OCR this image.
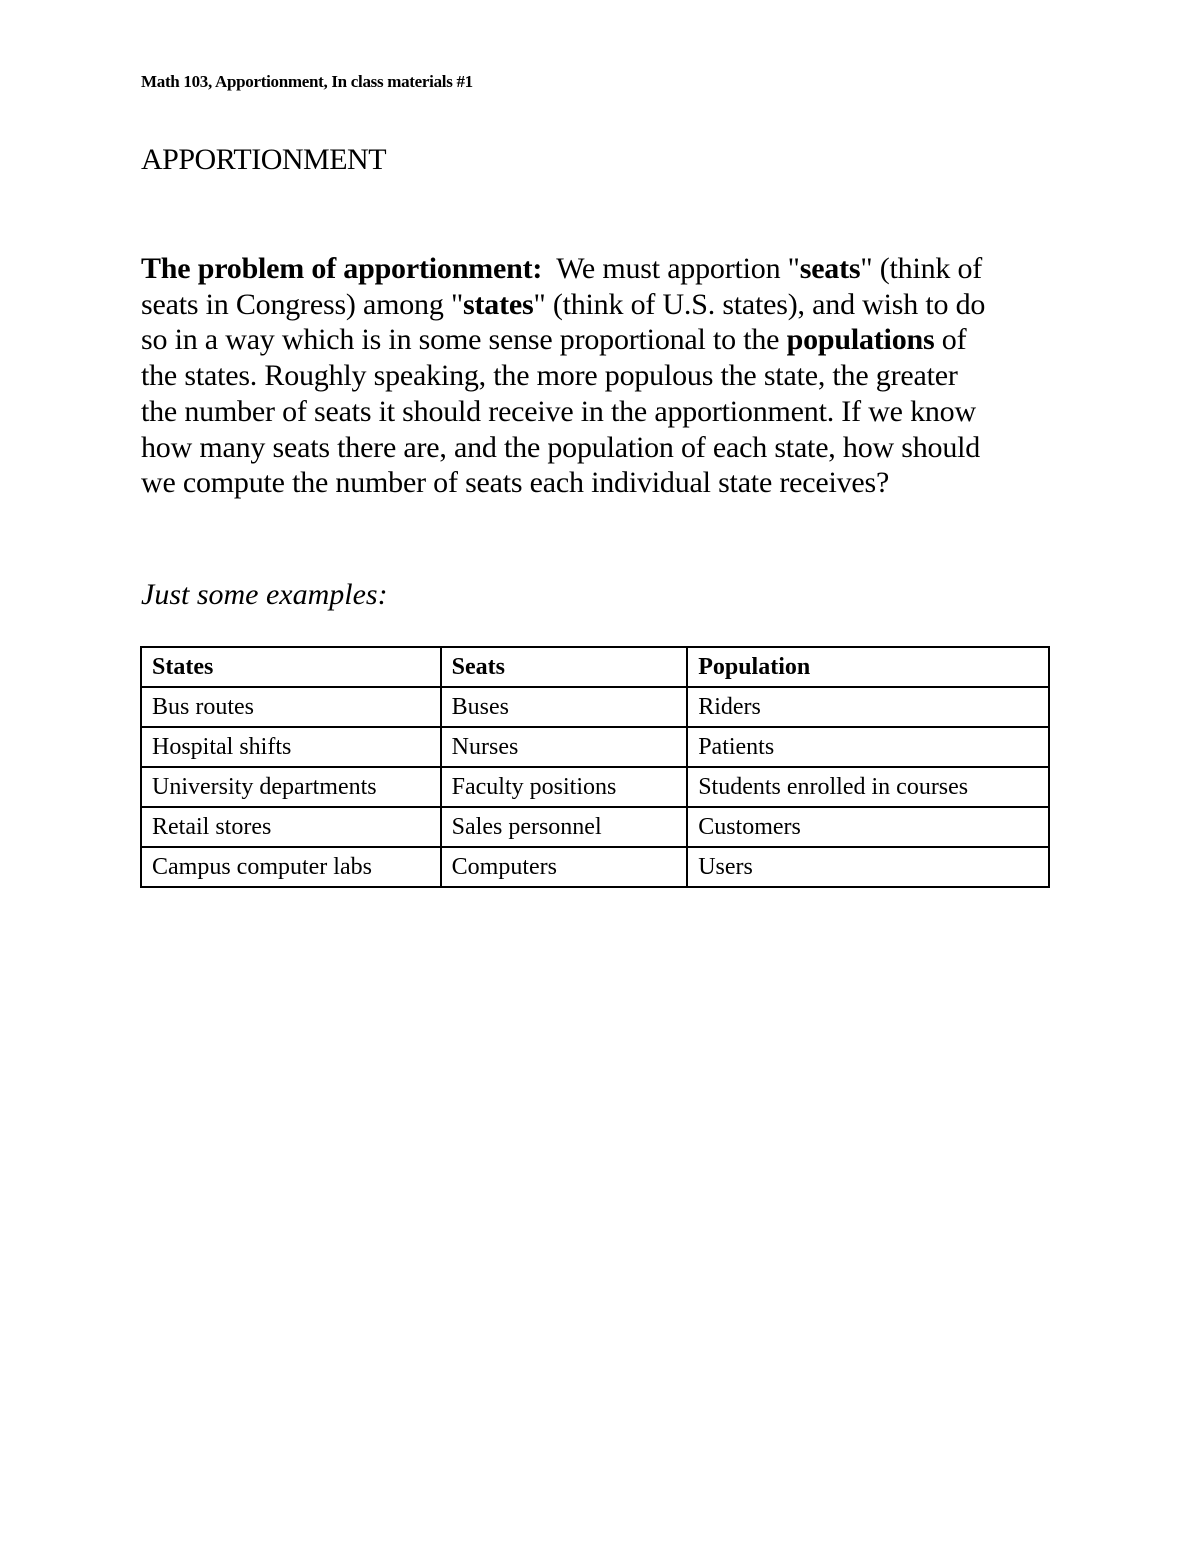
Math 103, Apportionment, In class materials #1
APPORTIONMENT
The problem of apportionment: We must apportion "seats" (think of
seats in Congress) among "states" (think of U.S. states), and wish to do
so in a way which is in some sense proportional to the populations of
the states. Roughly speaking, the more populous the state, the greater
the number of seats it should receive in the apportionment. If we know
how many seats there are, and the population of each state, how should
we compute the number of seats each individual state receives?
Just some examples:
States	Seats	Population
Bus routes	Buses	Riders
Hospital shifts	Nurses	Patients
University departments	Faculty positions	Students enrolled in courses
Retail stores	Sales personnel	Customers
Campus computer labs	Computers	Users
